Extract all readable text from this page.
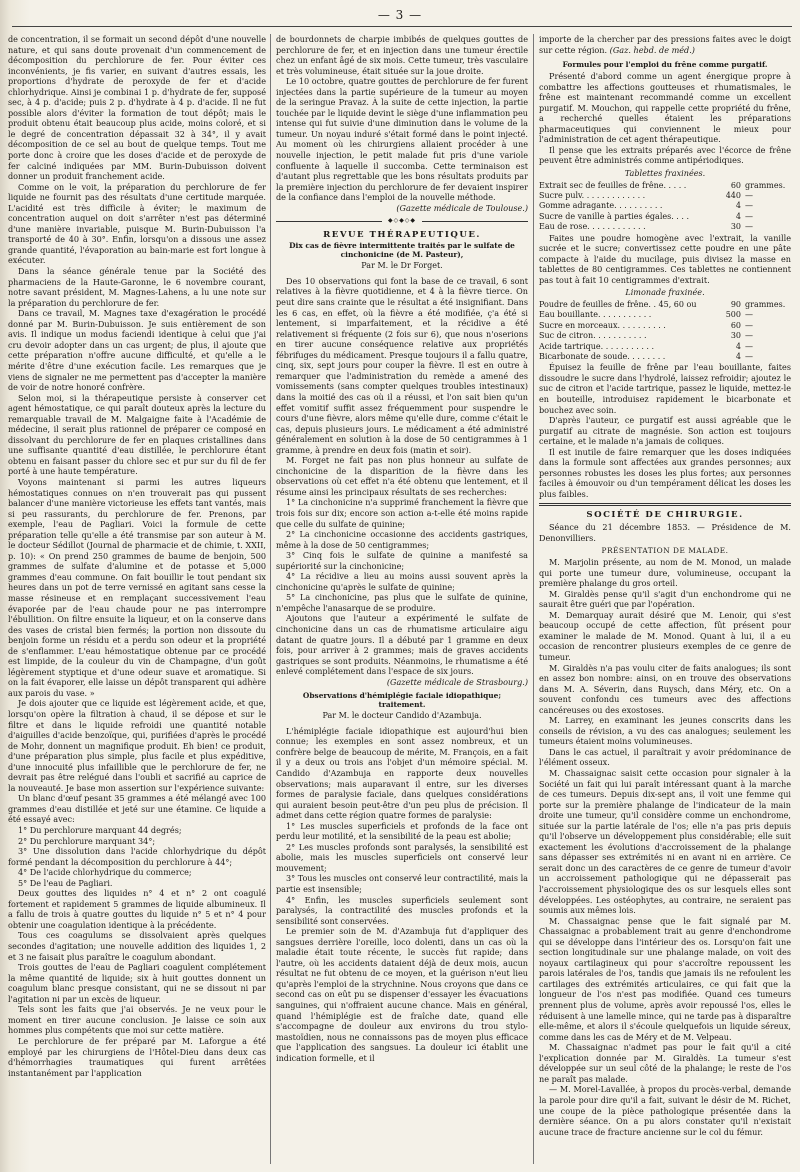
— 3 —

de concentration, il se formait un second dépôt d'une nouvelle nature, et qui sans doute provenait d'un commencement de décomposition du perchlorure de fer. Pour éviter ces inconvénients, je fis varier, en suivant d'autres essais, les proportions d'hydrate de peroxyde de fer et d'acide chlorhydrique. Ainsi je combinai 1 p. d'hydrate de fer, supposé sec, à 4 p. d'acide; puis 2 p. d'hydrate à 4 p. d'acide. Il ne fut possible alors d'éviter la formation de tout dépôt; mais le produit obtenu était beaucoup plus acide, moins coloré, et si le degré de concentration dépassait 32 à 34°, il y avait décomposition de ce sel au bout de quelque temps. Tout me porte donc à croire que les doses d'acide et de peroxyde de fer calciné indiquées par MM. Burin-Dubuisson doivent donner un produit franchement acide.

Comme on le voit, la préparation du perchlorure de fer liquide ne fournit pas des résultats d'une certitude marquée. L'acidité est très difficile à éviter; le maximum de concentration auquel on doit s'arrêter n'est pas déterminé d'une manière invariable, puisque M. Burin-Dubuisson l'a transporté de 40 à 30°. Enfin, lorsqu'on a dissous une assez grande quantité, l'évaporation au bain-marie est fort longue à exécuter.

Dans la séance générale tenue par la Société des pharmaciens de la Haute-Garonne, le 6 novembre courant, notre savant président, M. Magnes-Lahens, a lu une note sur la préparation du perchlorure de fer.

Dans ce travail, M. Magnes taxe d'exagération le procédé donné par M. Burin-Dubuisson. Je suis entièrement de son avis. Il indique un modus faciendi identique à celui que j'ai cru devoir adopter dans un cas urgent; de plus, il ajoute que cette préparation n'offre aucune difficulté, et qu'elle a le mérite d'être d'une exécution facile. Les remarques que je viens de signaler ne me permettent pas d'accepter la manière de voir de notre honoré confrère.

Selon moi, si la thérapeutique persiste à conserver cet agent hémostatique, ce qui paraît douteux après la lecture du remarquable travail de M. Malgaigne faite à l'Académie de médecine, il serait plus rationnel de préparer ce composé en dissolvant du perchlorure de fer en plaques cristallines dans une suffisante quantité d'eau distillée, le perchlorure étant obtenu en faisant passer du chlore sec et pur sur du fil de fer porté à une haute température.

Voyons maintenant si parmi les autres liqueurs hémostatiques connues on n'en trouverait pas qui pussent balancer d'une manière victorieuse les effets tant vantés, mais si peu rassurants, du perchlorure de fer. Prenons, par exemple, l'eau de Pagliari. Voici la formule de cette préparation telle qu'elle a été transmise par son auteur à M. le docteur Sédillot (Journal de pharmacie et de chimie, t. XXII, p. 10): « On prend 250 grammes de baume de benjoin, 500 grammes de sulfate d'alumine et de potasse et 5,000 grammes d'eau commune. On fait bouillir le tout pendant six heures dans un pot de terre vernissé en agitant sans cesse la masse résineuse et en remplaçant successivement l'eau évaporée par de l'eau chaude pour ne pas interrompre l'ébullition. On filtre ensuite la liqueur, et on la conserve dans des vases de cristal bien fermés; la portion non dissoute du benjoin forme un résidu et a perdu son odeur et la propriété de s'enflammer. L'eau hémostatique obtenue par ce procédé est limpide, de la couleur du vin de Champagne, d'un goût légèrement styptique et d'une odeur suave et aromatique. Si on la fait évaporer, elle laisse un dépôt transparent qui adhère aux parois du vase. »

Je dois ajouter que ce liquide est légèrement acide, et que, lorsqu'on opère la filtration à chaud, il se dépose et sur le filtre et dans le liquide refroidi une quantité notable d'aiguilles d'acide benzoïque, qui, purifiées d'après le procédé de Mohr, donnent un magnifique produit. Eh bien! ce produit, d'une préparation plus simple, plus facile et plus expéditive, d'une innocuité plus infaillible que le perchlorure de fer, ne devrait pas être relégué dans l'oubli et sacrifié au caprice de la nouveauté. Je base mon assertion sur l'expérience suivante:

Un blanc d'œuf pesant 35 grammes a été mélangé avec 100 grammes d'eau distillée et jeté sur une étamine. Ce liquide a été essayé avec:

1° Du perchlorure marquant 44 degrés;

2° Du perchlorure marquant 34°;

3° Une dissolution dans l'acide chlorhydrique du dépôt formé pendant la décomposition du perchlorure à 44°;

4° De l'acide chlorhydrique du commerce;

5° De l'eau de Pagliari.

Deux gouttes des liquides n° 4 et n° 2 ont coagulé fortement et rapidement 5 grammes de liquide albumineux. Il a fallu de trois à quatre gouttes du liquide n° 5 et n° 4 pour obtenir une coagulation identique à la précédente.

Tous ces coagulums se dissolvaient après quelques secondes d'agitation; une nouvelle addition des liquides 1, 2 et 3 ne faisait plus paraître le coagulum abondant.

Trois gouttes de l'eau de Pagliari coagulent complétement la même quantité de liquide; six à huit gouttes donnent un coagulum blanc presque consistant, qui ne se dissout ni par l'agitation ni par un excès de liqueur.

Tels sont les faits que j'ai observés. Je ne veux pour le moment en tirer aucune conclusion. Je laisse ce soin aux hommes plus compétents que moi sur cette matière.

Le perchlorure de fer préparé par M. Laforgue a été employé par les chirurgiens de l'Hôtel-Dieu dans deux cas d'hémorrhagies traumatiques qui furent arrêtées instantanément par l'application

de bourdonnets de charpie imbibés de quelques gouttes de perchlorure de fer, et en injection dans une tumeur érectile chez un enfant âgé de six mois. Cette tumeur, très vasculaire et très volumineuse, était située sur la joue droite.

Le 10 octobre, quatre gouttes de perchlorure de fer furent injectées dans la partie supérieure de la tumeur au moyen de la seringue Pravaz. À la suite de cette injection, la partie touchée par le liquide devint le siège d'une inflammation peu intense qui fut suivie d'une diminution dans le volume de la tumeur. Un noyau induré s'était formé dans le point injecté. Au moment où les chirurgiens allaient procéder à une nouvelle injection, le petit malade fut pris d'une variole confluente à laquelle il succomba. Cette terminaison est d'autant plus regrettable que les bons résultats produits par la première injection du perchlorure de fer devaient inspirer de la confiance dans l'emploi de la nouvelle méthode.

(Gazette médicale de Toulouse.)
◆◇◆◇◆
REVUE THÉRAPEUTIQUE.
Dix cas de fièvre intermittente traités par le sulfate de cinchonicine (de M. Pasteur),
Par M. le Dr Forget.

Des 10 observations qui font la base de ce travail, 6 sont relatives à la fièvre quotidienne, et 4 à la fièvre tierce. On peut dire sans crainte que le résultat a été insignifiant. Dans les 6 cas, en effet, où la fièvre a été modifiée, ç'a été si lentement, si imparfaitement, et la récidive a été relativement si fréquente (2 fois sur 6), que nous n'oserions en tirer aucune conséquence relative aux propriétés fébrifuges du médicament. Presque toujours il a fallu quatre, cinq, six, sept jours pour couper la fièvre. Il est en outre à remarquer que l'administration du remède a amené des vomissements (sans compter quelques troubles intestinaux) dans la moitié des cas où il a réussi, et l'on sait bien qu'un effet vomitif suffit assez fréquemment pour suspendre le cours d'une fièvre, alors même qu'elle dure, comme c'était le cas, depuis plusieurs jours. Le médicament a été administré généralement en solution à la dose de 50 centigrammes à 1 gramme, à prendre en deux fois (matin et soir).

M. Forget ne fait pas non plus honneur au sulfate de cinchonicine de la disparition de la fièvre dans les observations où cet effet n'a été obtenu que lentement, et il résume ainsi les principaux résultats de ses recherches:

1° La cinchonicine n'a supprimé franchement la fièvre que trois fois sur dix; encore son action a-t-elle été moins rapide que celle du sulfate de quinine;

2° La cinchonicine occasionne des accidents gastriques, même à la dose de 50 centigrammes;

3° Cinq fois le sulfate de quinine a manifesté sa supériorité sur la cinchonicine;

4° La récidive a lieu au moins aussi souvent après la cinchonicine qu'après le sulfate de quinine;

5° La cinchonicine, pas plus que le sulfate de quinine, n'empêche l'anasarque de se produire.

Ajoutons que l'auteur a expérimenté le sulfate de cinchonicine dans un cas de rhumatisme articulaire aigu datant de quatre jours. Il a débuté par 1 gramme en deux fois, pour arriver à 2 grammes; mais de graves accidents gastriques se sont produits. Néanmoins, le rhumatisme a été enlevé complétement dans l'espace de six jours.

(Gazette médicale de Strasbourg.)
Observations d'hémiplégie faciale idiopathique; traitement.
Par M. le docteur Candido d'Azambuja.

L'hémiplégie faciale idiopathique est aujourd'hui bien connue; les exemples en sont assez nombreux, et un confrère belge de beaucoup de mérite, M. François, en a fait il y a deux ou trois ans l'objet d'un mémoire spécial. M. Candido d'Azambuja en rapporte deux nouvelles observations; mais auparavant il entre, sur les diverses formes de paralysie faciale, dans quelques considérations qui auraient besoin peut-être d'un peu plus de précision. Il admet dans cette région quatre formes de paralysie:

1° Les muscles superficiels et profonds de la face ont perdu leur motilité, et la sensibilité de la peau est abolie;

2° Les muscles profonds sont paralysés, la sensibilité est abolie, mais les muscles superficiels ont conservé leur mouvement;

3° Tous les muscles ont conservé leur contractilité, mais la partie est insensible;

4° Enfin, les muscles superficiels seulement sont paralysés, la contractilité des muscles profonds et la sensibilité sont conservées.

Le premier soin de M. d'Azambuja fut d'appliquer des sangsues derrière l'oreille, loco dolenti, dans un cas où la maladie était toute récente, le succès fut rapide; dans l'autre, où les accidents dataient déjà de deux mois, aucun résultat ne fut obtenu de ce moyen, et la guérison n'eut lieu qu'après l'emploi de la strychnine. Nous croyons que dans ce second cas on eût pu se dispenser d'essayer les évacuations sanguines, qui n'offraient aucune chance. Mais en général, quand l'hémiplégie est de fraîche date, quand elle s'accompagne de douleur aux environs du trou stylo-mastoïdien, nous ne connaissons pas de moyen plus efficace que l'application des sangsues. La douleur ici établit une indication formelle, et il

importe de la chercher par des pressions faites avec le doigt sur cette région. (Gaz. hebd. de méd.)

Formules pour l'emploi du frêne comme purgatif.

Présenté d'abord comme un agent énergique propre à combattre les affections goutteuses et rhumatismales, le frêne est maintenant recommandé comme un excellent purgatif. M. Mouchon, qui rappelle cette propriété du frêne, a recherché quelles étaient les préparations pharmaceutiques qui conviennent le mieux pour l'administration de cet agent thérapeutique.

Il pense que les extraits préparés avec l'écorce de frêne peuvent être administrés comme antipériodiques.

Tablettes fraxinées.
Extrait sec de feuilles de frêne. . . . .	60	grammes.
Sucre pulv. . . . . . . . . . . . .	440	—
Gomme adragante. . . . . . . . . .	4	—
Sucre de vanille à parties égales. . . .	4	—
Eau de rose. . . . . . . . . . . .	30	—

Faites une poudre homogène avec l'extrait, la vanille sucrée et le sucre; convertissez cette poudre en une pâte compacte à l'aide du mucilage, puis divisez la masse en tablettes de 80 centigrammes. Ces tablettes ne contiennent pas tout à fait 10 centigrammes d'extrait.

Limonade fraxinée.
Poudre de feuilles de frêne. . 45, 60 ou	90	grammes.
Eau bouillante. . . . . . . . . . .	500	—
Sucre en morceaux. . . . . . . . . .	60	—
Suc de citron. . . . . . . . . . .	30	—
Acide tartrique. . . . . . . . . . .	4	—
Bicarbonate de soude. . . . . . . .	4	—

Épuisez la feuille de frêne par l'eau bouillante, faites dissoudre le sucre dans l'hydrolé, laissez refroidir; ajoutez le suc de citron et l'acide tartrique, passez le liquide, mettez-le en bouteille, introduisez rapidement le bicarbonate et bouchez avec soin.

D'après l'auteur, ce purgatif est aussi agréable que le purgatif au citrate de magnésie. Son action est toujours certaine, et le malade n'a jamais de coliques.

Il est inutile de faire remarquer que les doses indiquées dans la formule sont affectées aux grandes personnes; aux personnes robustes les doses les plus fortes; aux personnes faciles à émouvoir ou d'un tempérament délicat les doses les plus faibles.

SOCIÉTÉ DE CHIRURGIE.

Séance du 21 décembre 1853. — Présidence de M. Denonvilliers.

PRÉSENTATION DE MALADE.

M. Marjolin présente, au nom de M. Monod, un malade qui porte une tumeur dure, volumineuse, occupant la première phalange du gros orteil.

M. Giraldès pense qu'il s'agit d'un enchondrome qui ne saurait être guéri que par l'opération.

M. Demarquay aurait désiré que M. Lenoir, qui s'est beaucoup occupé de cette affection, fût présent pour examiner le malade de M. Monod. Quant à lui, il a eu occasion de rencontrer plusieurs exemples de ce genre de tumeur.

M. Giraldès n'a pas voulu citer de faits analogues; ils sont en assez bon nombre: ainsi, on en trouve des observations dans M. A. Séverin, dans Ruysch, dans Méry, etc. On a souvent confondu ces tumeurs avec des affections cancéreuses ou des exostoses.

M. Larrey, en examinant les jeunes conscrits dans les conseils de révision, a vu des cas analogues; seulement les tumeurs étaient moins volumineuses.

Dans le cas actuel, il paraîtrait y avoir prédominance de l'élément osseux.

M. Chassaignac saisit cette occasion pour signaler à la Société un fait qui lui paraît intéressant quant à la marche de ces tumeurs. Depuis dix-sept ans, il voit une femme qui porte sur la première phalange de l'indicateur de la main droite une tumeur, qu'il considère comme un enchondrome, située sur la partie latérale de l'os; elle n'a pas pris depuis qu'il l'observe un développement plus considérable; elle suit exactement les évolutions d'accroissement de la phalange sans dépasser ses extrémités ni en avant ni en arrière. Ce serait donc un des caractères de ce genre de tumeur d'avoir un accroissement pathologique qui ne dépasserait pas l'accroissement physiologique des os sur lesquels elles sont développées. Les ostéophytes, au contraire, ne seraient pas soumis aux mêmes lois.

M. Chassaignac pense que le fait signalé par M. Chassaignac a probablement trait au genre d'enchondrome qui se développe dans l'intérieur des os. Lorsqu'on fait une section longitudinale sur une phalange malade, on voit des noyaux cartilagineux qui pour s'accroître repoussent les parois latérales de l'os, tandis que jamais ils ne refoulent les cartilages des extrémités articulaires, ce qui fait que la longueur de l'os n'est pas modifiée. Quand ces tumeurs prennent plus de volume, après avoir repoussé l'os, elles le réduisent à une lamelle mince, qui ne tarde pas à disparaître elle-même, et alors il s'écoule quelquefois un liquide séreux, comme dans les cas de Méry et de M. Velpeau.

M. Chassaignac n'admet pas pour le fait qu'il a cité l'explication donnée par M. Giraldès. La tumeur s'est développée sur un seul côté de la phalange; le reste de l'os ne paraît pas malade.

— M. Morel-Lavallée, à propos du procès-verbal, demande la parole pour dire qu'il a fait, suivant le désir de M. Richet, une coupe de la pièce pathologique présentée dans la dernière séance. On a pu alors constater qu'il n'existait aucune trace de fracture ancienne sur le col du fémur.
